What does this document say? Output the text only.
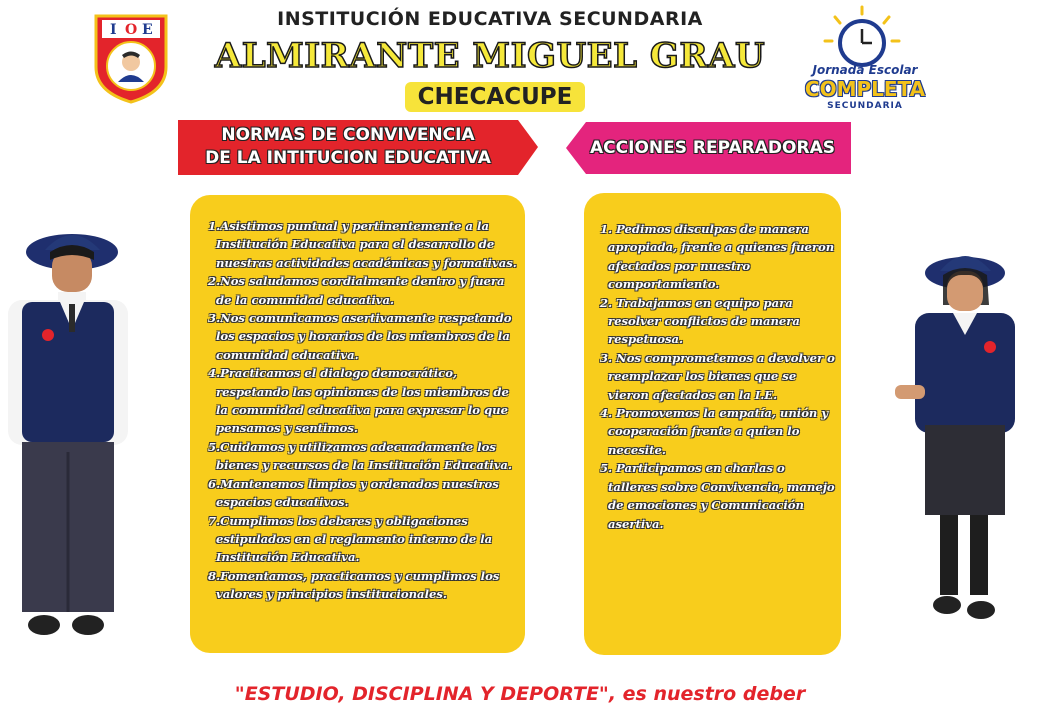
I O E	INSTITUCIÓN EDUCATIVA SECUNDARIA
ALMIRANTE MIGUEL GRAU
CHECACUPE
Jornada Escolar
COMPLETA
SECUNDARIA
NORMAS DE CONVIVENCIA
DE LA INTITUCION EDUCATIVA	ACCIONES REPARADORAS
1.Asistimos puntual y pertinentemente a la Institución Educativa para el desarrollo de nuestras actividades académicas y formativas.
2.Nos saludamos cordialmente dentro y fuera de la comunidad educativa.
3.Nos comunicamos asertivamente respetando los espacios y horarios de los miembros de la comunidad educativa.
4.Practicamos el dialogo democrático, respetando las opiniones de los miembros de la comunidad educativa para expresar lo que pensamos y sentimos.
5.Cuidamos y utilizamos adecuadamente los bienes y recursos de la Institución Educativa.
6.Mantenemos limpios y ordenados nuestros espacios educativos.
7.Cumplimos los deberes y obligaciones estipulados en el reglamento interno de la Institución Educativa.
8.Fomentamos, practicamos y cumplimos los valores y principios institucionales.
1. Pedimos disculpas de manera apropiada, frente a quienes fueron afectados por nuestro comportamiento.
2. Trabajamos en equipo para resolver conflictos de manera respetuosa.
3. Nos comprometemos a devolver o reemplazar los bienes que se vieron afectados en la I.E.
4. Promovemos la empatía, unión y cooperación frente a quien lo necesite.
5. Participamos en charlas o talleres sobre Convivencia, manejo de emociones y Comunicación asertiva.
"ESTUDIO, DISCIPLINA Y DEPORTE", es nuestro deber
